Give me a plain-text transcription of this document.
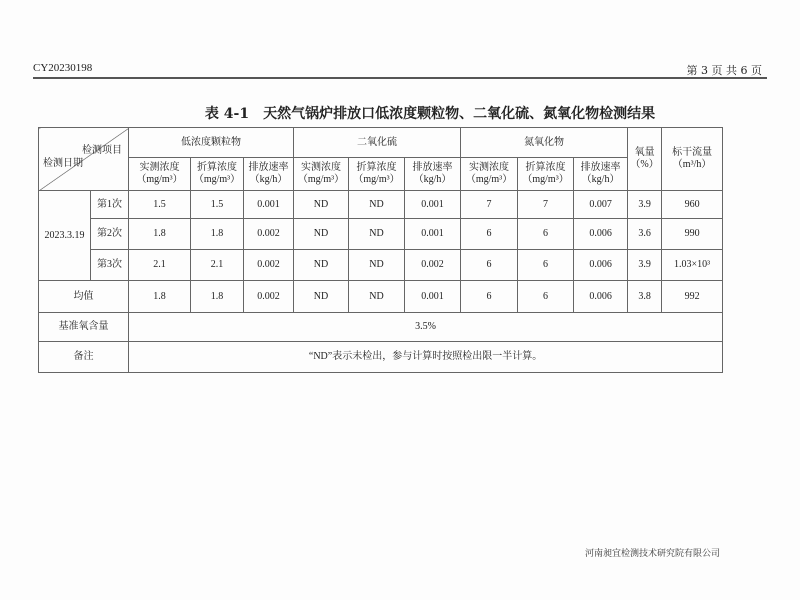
CY20230198	第 3 页 共 6 页
表 4-1　天然气锅炉排放口低浓度颗粒物、二氧化硫、氮氧化物检测结果
检测项目
检测日期		低浓度颗粒物			二氧化硫			氮氧化物			氧量（%）	标干流量（m³/h）
		实测浓度（mg/m³）	折算浓度（mg/m³）	排放速率（kg/h）	实测浓度（mg/m³）	折算浓度（mg/m³）	排放速率（kg/h）	实测浓度（mg/m³）	折算浓度（mg/m³）	排放速率（kg/h）		
2023.3.19	第1次	1.5	1.5	0.001	ND	ND	0.001	7	7	0.007	3.9	960
	第2次	1.8	1.8	0.002	ND	ND	0.001	6	6	0.006	3.6	990
	第3次	2.1	2.1	0.002	ND	ND	0.002	6	6	0.006	3.9	1.03×10³
均值		1.8	1.8	0.002	ND	ND	0.001	6	6	0.006	3.8	992
基准氧含量		3.5%										
备注		“ND”表示未检出，参与计算时按照检出限一半计算。										
河南昶宜检测技术研究院有限公司
